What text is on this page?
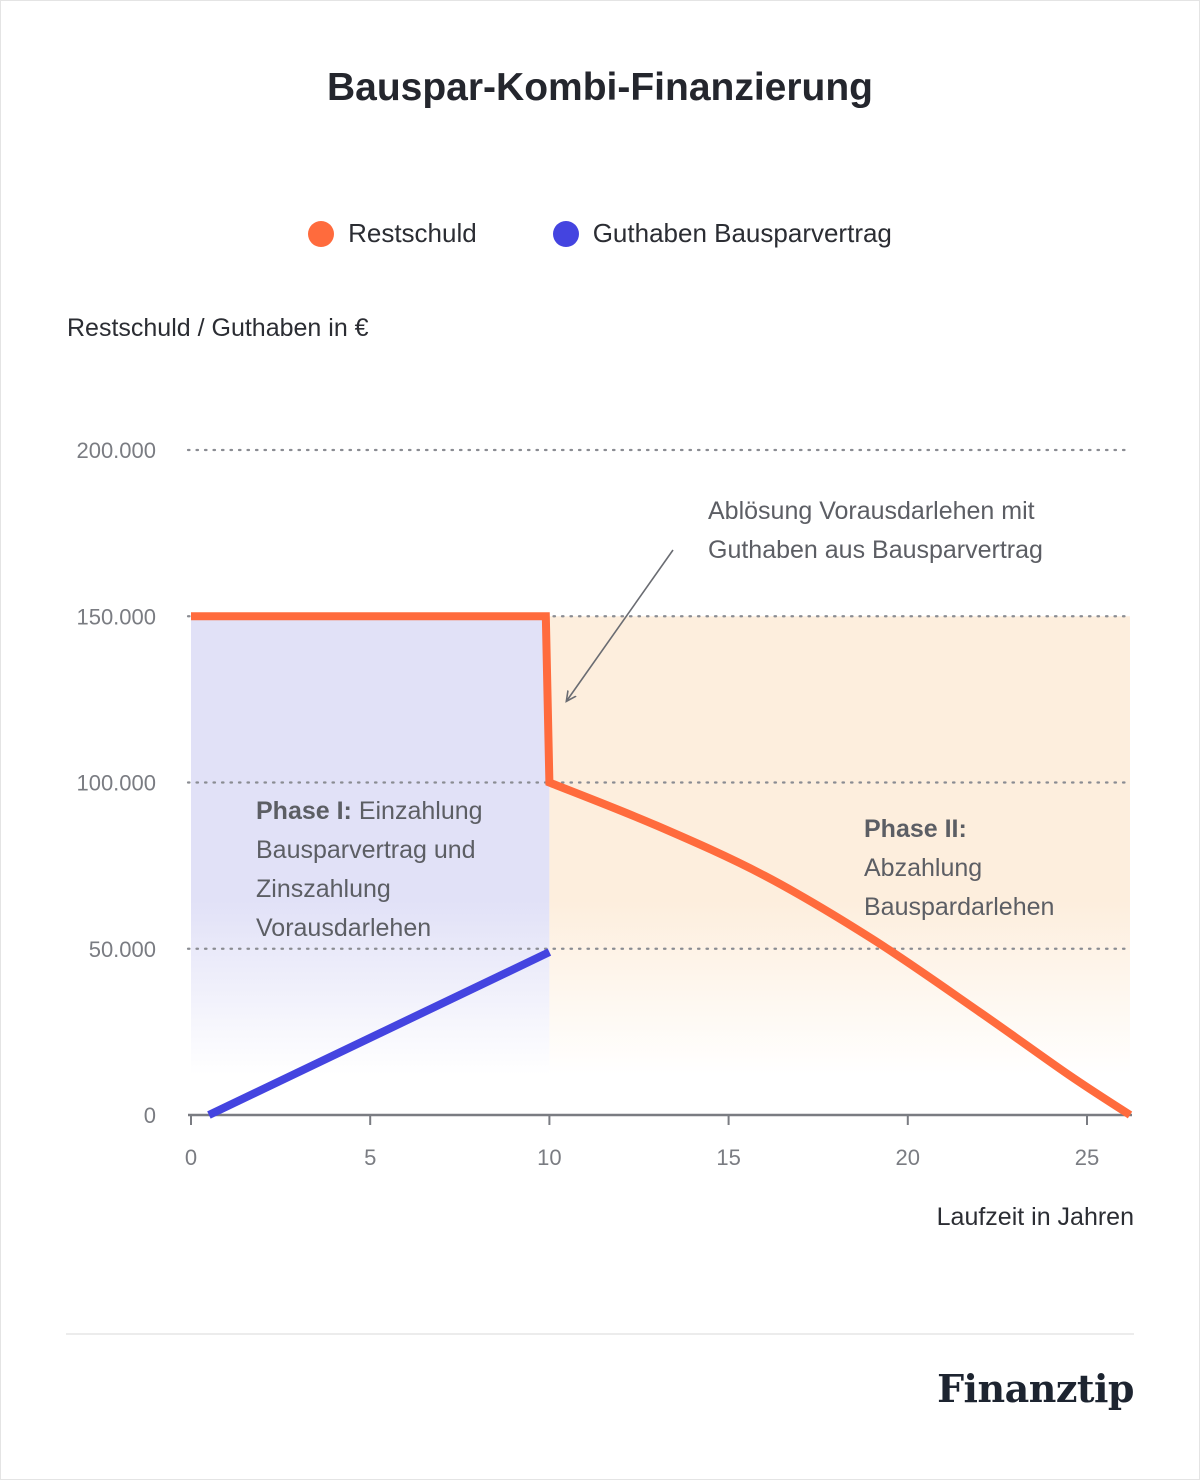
Bauspar-Kombi-Finanzierung
Restschuld	Guthaben Bausparvertrag
Restschuld / Guthaben in €
0
50.000
100.000
150.000
200.000
0	5	10	15	20	25
Phase I: Einzahlung
Bausparvertrag und
Zinszahlung
Vorausdarlehen
Phase II:
Abzahlung
Bauspardarlehen
Ablösung Vorausdarlehen mit
Guthaben aus Bausparvertrag
Laufzeit in Jahren
Finanztip
